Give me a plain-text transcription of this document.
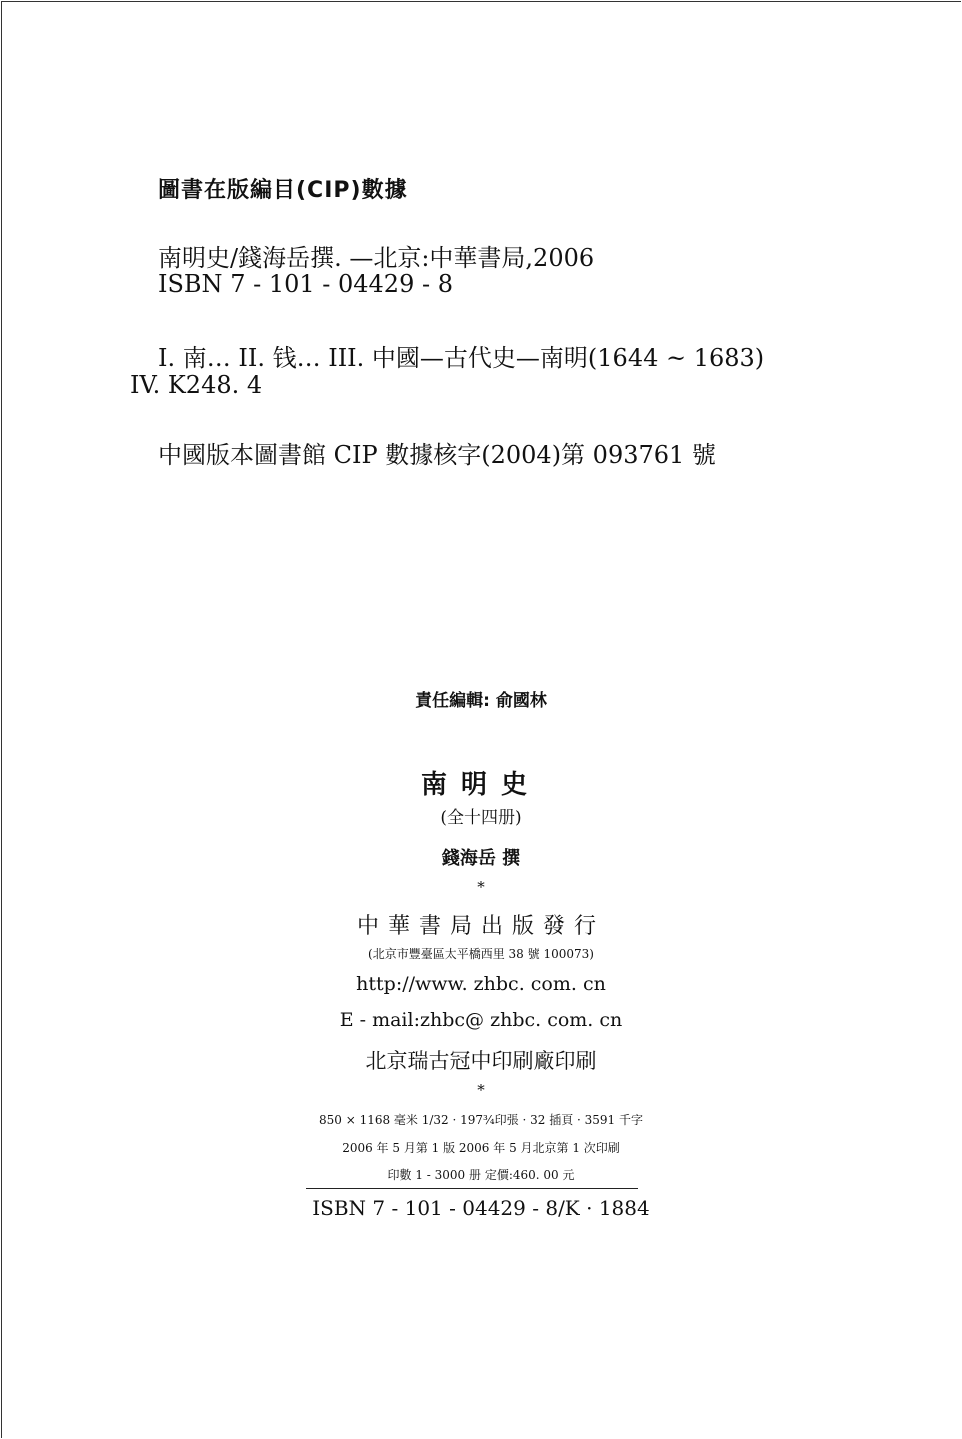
圖書在版編目(CIP)數據
南明史/錢海岳撰. —北京:中華書局,2006
ISBN 7 - 101 - 04429 - 8
I. 南… II. 钱… III. 中國—古代史—南明(1644 ~ 1683)
IV. K248. 4
中國版本圖書館 CIP 數據核字(2004)第 093761 號
責任編輯: 俞國林
南明史
(全十四册)
錢海岳 撰
*
中華書局出版發行
(北京市豐臺區太平橋西里 38 號 100073)
http://www. zhbc. com. cn
E - mail:zhbc@ zhbc. com. cn
北京瑞古冠中印刷廠印刷
*
850 × 1168 毫米 1/32 · 197¾印張 · 32 插頁 · 3591 千字
2006 年 5 月第 1 版 2006 年 5 月北京第 1 次印刷
印數 1 - 3000 册 定價:460. 00 元
ISBN 7 - 101 - 04429 - 8/K · 1884
